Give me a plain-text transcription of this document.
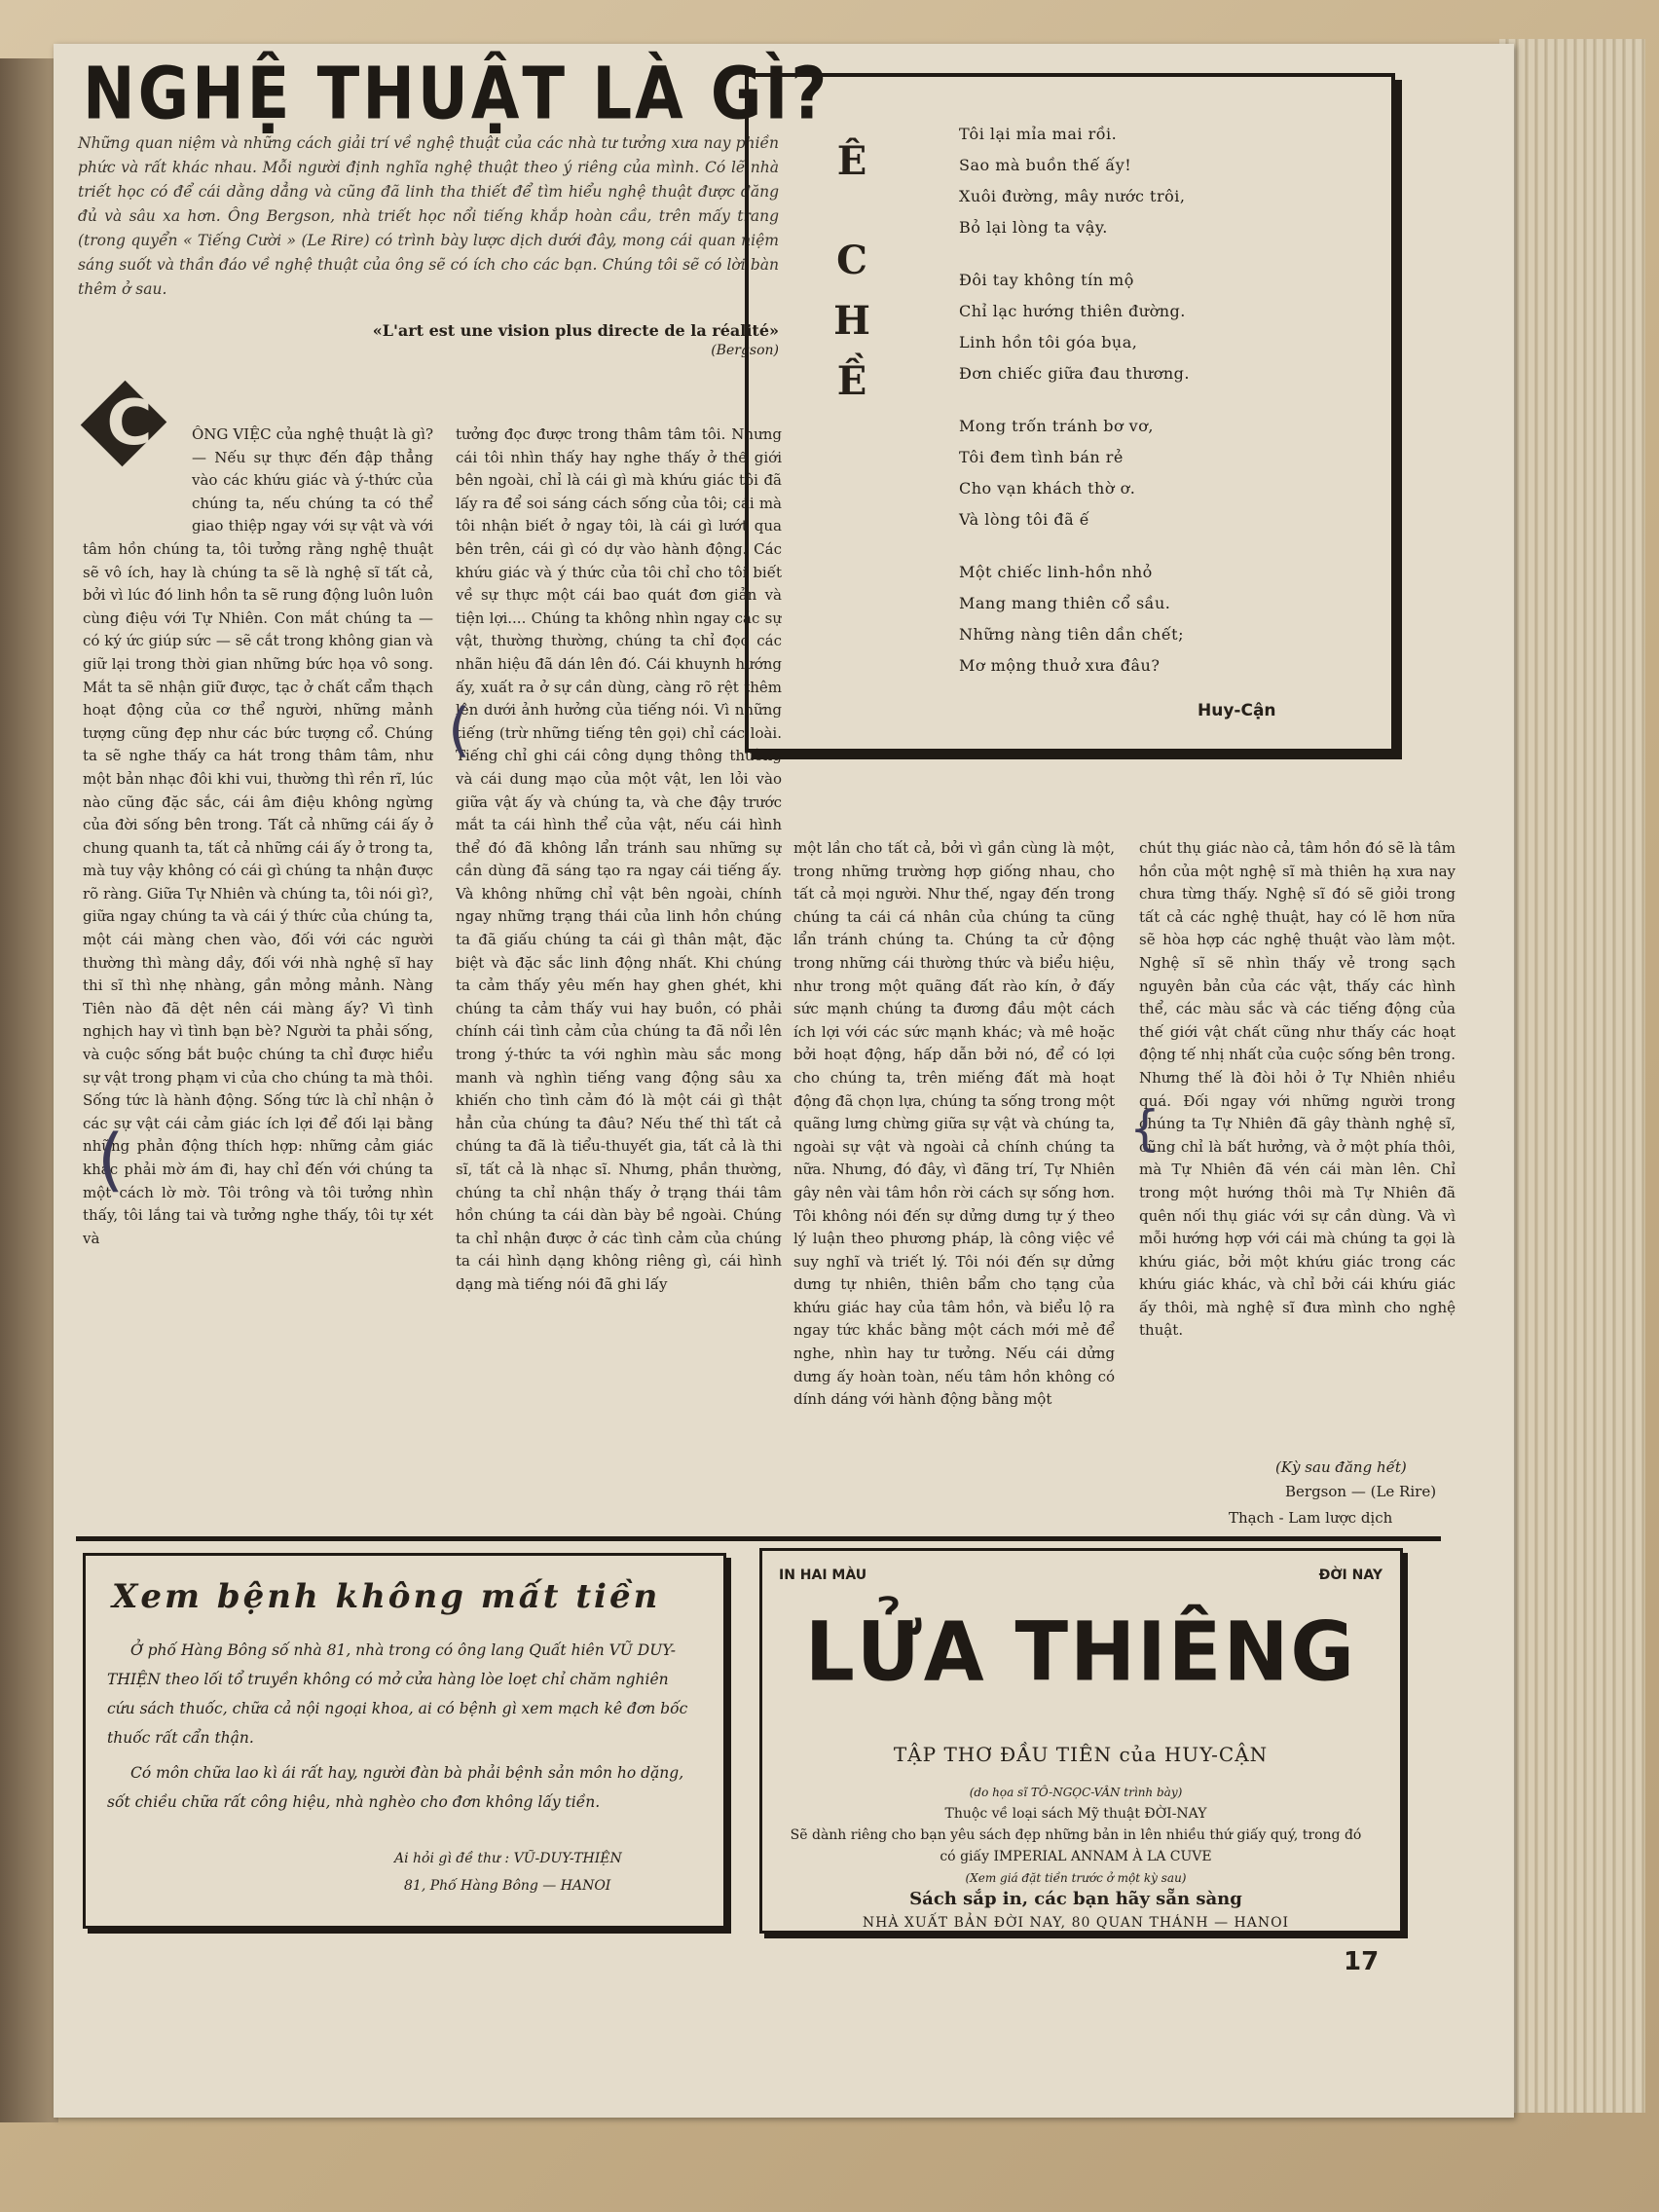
NGHỆ THUẬT LÀ GÌ?
Những quan niệm và những cách giải trí về nghệ thuật của các nhà tư tưởng xưa nay phiền phức và rất khác nhau. Mỗi người định nghĩa nghệ thuật theo ý riêng của mình. Có lẽ nhà triết học có để cái dằng dẳng và cũng đã linh tha thiết để tìm hiểu nghệ thuật được đăng đủ và sâu xa hơn. Ông Bergson, nhà triết học nổi tiếng khắp hoàn cầu, trên mấy trang (trong quyển « Tiếng Cười » (Le Rire) có trình bày lược dịch dưới đây, mong cái quan niệm sáng suốt và thần đáo về nghệ thuật của ông sẽ có ích cho các bạn. Chúng tôi sẽ có lời bàn thêm ở sau.
«L'art est une vision plus directe de la réalité»
(Bergson)
C	ÔNG VIỆC của nghệ thuật là gì? — Nếu sự thực đến đập thẳng vào các khứu giác và ý-thức của chúng ta, nếu chúng ta có thể giao thiệp ngay với sự vật và với tâm hồn chúng ta, tôi tưởng rằng nghệ thuật sẽ vô ích, hay là chúng ta sẽ là nghệ sĩ tất cả, bởi vì lúc đó linh hồn ta sẽ rung động luôn luôn cùng điệu với Tự Nhiên. Con mắt chúng ta — có ký ức giúp sức — sẽ cắt trong không gian và giữ lại trong thời gian những bức họa vô song. Mắt ta sẽ nhận giữ được, tạc ở chất cẩm thạch hoạt động của cơ thể người, những mảnh tượng cũng đẹp như các bức tượng cổ. Chúng ta sẽ nghe thấy ca hát trong thâm tâm, như một bản nhạc đôi khi vui, thường thì rền rĩ, lúc nào cũng đặc sắc, cái âm điệu không ngừng của đời sống bên trong. Tất cả những cái ấy ở chung quanh ta, tất cả những cái ấy ở trong ta, mà tuy vậy không có cái gì chúng ta nhận được rõ ràng. Giữa Tự Nhiên và chúng ta, tôi nói gì?, giữa ngay chúng ta và cái ý thức của chúng ta, một cái màng chen vào, đối với các người thường thì màng dầy, đối với nhà nghệ sĩ hay thi sĩ thì nhẹ nhàng, gần mỏng mảnh. Nàng Tiên nào đã dệt nên cái màng ấy? Vì tình nghịch hay vì tình bạn bè? Người ta phải sống, và cuộc sống bắt buộc chúng ta chỉ được hiểu sự vật trong phạm vi của cho chúng ta mà thôi. Sống tức là hành động. Sống tức là chỉ nhận ở các sự vật cái cảm giác ích lợi để đối lại bằng những phản động thích hợp: những cảm giác khác phải mờ ám đi, hay chỉ đến với chúng ta một cách lờ mờ. Tôi trông và tôi tưởng nhìn thấy, tôi lắng tai và tưởng nghe thấy, tôi tự xét và
tưởng đọc được trong thâm tâm tôi. Nhưng cái tôi nhìn thấy hay nghe thấy ở thế giới bên ngoài, chỉ là cái gì mà khứu giác tôi đã lấy ra để soi sáng cách sống của tôi; cái mà tôi nhận biết ở ngay tôi, là cái gì lướt qua bên trên, cái gì có dự vào hành động. Các khứu giác và ý thức của tôi chỉ cho tôi biết về sự thực một cái bao quát đơn giản và tiện lợi.... Chúng ta không nhìn ngay các sự vật, thường thường, chúng ta chỉ đọc các nhãn hiệu đã dán lên đó. Cái khuynh hướng ấy, xuất ra ở sự cần dùng, càng rõ rệt thêm lên dưới ảnh hưởng của tiếng nói. Vì những tiếng (trừ những tiếng tên gọi) chỉ các loài. Tiếng chỉ ghi cái công dụng thông thường và cái dung mạo của một vật, len lỏi vào giữa vật ấy và chúng ta, và che đậy trước mắt ta cái hình thể của vật, nếu cái hình thể đó đã không lẩn tránh sau những sự cần dùng đã sáng tạo ra ngay cái tiếng ấy. Và không những chỉ vật bên ngoài, chính ngay những trạng thái của linh hồn chúng ta đã giấu chúng ta cái gì thân mật, đặc biệt và đặc sắc linh động nhất. Khi chúng ta cảm thấy yêu mến hay ghen ghét, khi chúng ta cảm thấy vui hay buồn, có phải chính cái tình cảm của chúng ta đã nổi lên trong ý-thức ta với nghìn màu sắc mong manh và nghìn tiếng vang động sâu xa khiến cho tình cảm đó là một cái gì thật hẳn của chúng ta đâu? Nếu thế thì tất cả chúng ta đã là tiểu-thuyết gia, tất cả là thi sĩ, tất cả là nhạc sĩ. Nhưng, phần thường, chúng ta chỉ nhận thấy ở trạng thái tâm hồn chúng ta cái dàn bày bề ngoài. Chúng ta chỉ nhận được ở các tình cảm của chúng ta cái hình dạng không riêng gì, cái hình dạng mà tiếng nói đã ghi lấy
Ê
C
H
Ề
Tôi lại mỉa mai rồi.
Sao mà buồn thế ấy!
Xuôi đường, mây nước trôi,
Bỏ lại lòng ta vậy.
Đôi tay không tín mộ
Chỉ lạc hướng thiên đường.
Linh hồn tôi góa bụa,
Đơn chiếc giữa đau thương.
Mong trốn tránh bơ vơ,
Tôi đem tình bán rẻ
Cho vạn khách thờ ơ.
Và lòng tôi đã ế
Một chiếc linh-hồn nhỏ
Mang mang thiên cổ sầu.
Những nàng tiên dần chết;
Mơ mộng thuở xưa đâu?
Huy-Cận
một lần cho tất cả, bởi vì gần cùng là một, trong những trường hợp giống nhau, cho tất cả mọi người. Như thế, ngay đến trong chúng ta cái cá nhân của chúng ta cũng lẩn tránh chúng ta. Chúng ta cử động trong những cái thường thức và biểu hiệu, như trong một quãng đất rào kín, ở đấy sức mạnh chúng ta đương đầu một cách ích lợi với các sức mạnh khác; và mê hoặc bởi hoạt động, hấp dẫn bởi nó, để có lợi cho chúng ta, trên miếng đất mà hoạt động đã chọn lựa, chúng ta sống trong một quãng lưng chừng giữa sự vật và chúng ta, ngoài sự vật và ngoài cả chính chúng ta nữa. Nhưng, đó đây, vì đãng trí, Tự Nhiên gây nên vài tâm hồn rời cách sự sống hơn. Tôi không nói đến sự dửng dưng tự ý theo lý luận theo phương pháp, là công việc về suy nghĩ và triết lý. Tôi nói đến sự dửng dưng tự nhiên, thiên bẩm cho tạng của khứu giác hay của tâm hồn, và biểu lộ ra ngay tức khắc bằng một cách mới mẻ để nghe, nhìn hay tư tưởng. Nếu cái dửng dưng ấy hoàn toàn, nếu tâm hồn không có dính dáng với hành động bằng một
chút thụ giác nào cả, tâm hồn đó sẽ là tâm hồn của một nghệ sĩ mà thiên hạ xưa nay chưa từng thấy. Nghệ sĩ đó sẽ giỏi trong tất cả các nghệ thuật, hay có lẽ hơn nữa sẽ hòa hợp các nghệ thuật vào làm một. Nghệ sĩ sẽ nhìn thấy vẻ trong sạch nguyên bản của các vật, thấy các hình thể, các màu sắc và các tiếng động của thế giới vật chất cũng như thấy các hoạt động tế nhị nhất của cuộc sống bên trong. Nhưng thế là đòi hỏi ở Tự Nhiên nhiều quá. Đối ngay với những người trong chúng ta Tự Nhiên đã gây thành nghệ sĩ, cũng chỉ là bất hưởng, và ở một phía thôi, mà Tự Nhiên đã vén cái màn lên. Chỉ trong một hướng thôi mà Tự Nhiên đã quên nối thụ giác với sự cần dùng. Và vì mỗi hướng hợp với cái mà chúng ta gọi là khứu giác, bởi một khứu giác trong các khứu giác khác, và chỉ bởi cái khứu giác ấy thôi, mà nghệ sĩ đưa mình cho nghệ thuật.
(Kỳ sau đăng hết)
Bergson — (Le Rire)
Thạch - Lam lược dịch
(
(	{
Xem bệnh không mất tiền
Ở phố Hàng Bông số nhà 81, nhà trong có ông lang Quất hiên VŨ DUY-THIỆN theo lối tổ truyền không có mở cửa hàng lòe loẹt chỉ chăm nghiên cứu sách thuốc, chữa cả nội ngoại khoa, ai có bệnh gì xem mạch kê đơn bốc thuốc rất cẩn thận.
Có môn chữa lao kì ái rất hay, người đàn bà phải bệnh sản môn ho dặng, sốt chiều chữa rất công hiệu, nhà nghèo cho đơn không lấy tiền.
Ai hỏi gì đề thư : VŨ-DUY-THIỆN
81, Phố Hàng Bông — HANOI
IN HAI MÀU	ĐỜI NAY
LỬA THIÊNG
TẬP THƠ ĐẦU TIÊN của HUY-CẬN
(do họa sĩ TÔ-NGỌC-VÂN trình bày)
Thuộc về loại sách Mỹ thuật ĐỜI-NAY
Sẽ dành riêng cho bạn yêu sách đẹp những bản in lên nhiều thứ giấy quý, trong đó có giấy IMPERIAL ANNAM À LA CUVE
(Xem giá đặt tiền trước ở một kỳ sau)
Sách sắp in, các bạn hãy sẵn sàng
NHÀ XUẤT BẢN ĐỜI NAY, 80 QUAN THÁNH — HANOI
17
